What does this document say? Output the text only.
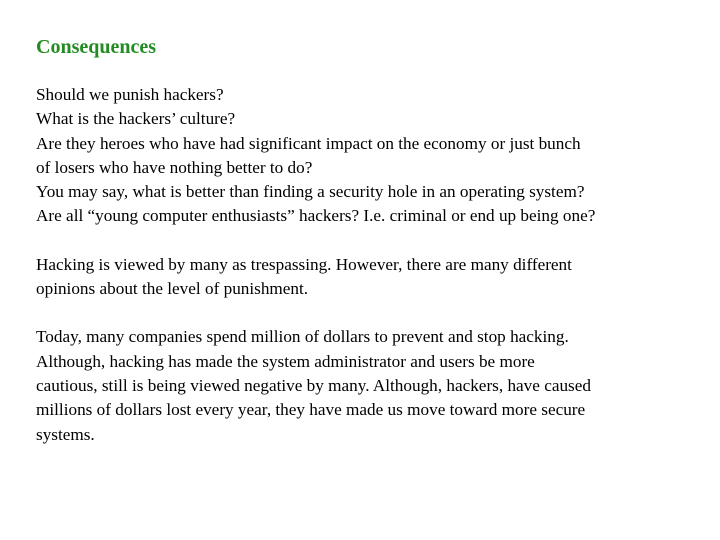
Consequences

Should we punish hackers?
What is the hackers’ culture?
Are they heroes who have had significant impact on the economy or just bunch
of losers who have nothing better to do?
You may say, what is better than finding a security hole in an operating system?
Are all “young computer enthusiasts” hackers? I.e. criminal or end up being one?

Hacking is viewed by many as trespassing. However, there are many different
opinions about the level of punishment.

Today, many companies spend million of dollars to prevent and stop hacking.
Although, hacking has made the system administrator and users be more
cautious, still is being viewed negative by many. Although, hackers, have caused
millions of dollars lost every year, they have made us move toward more secure
systems.
